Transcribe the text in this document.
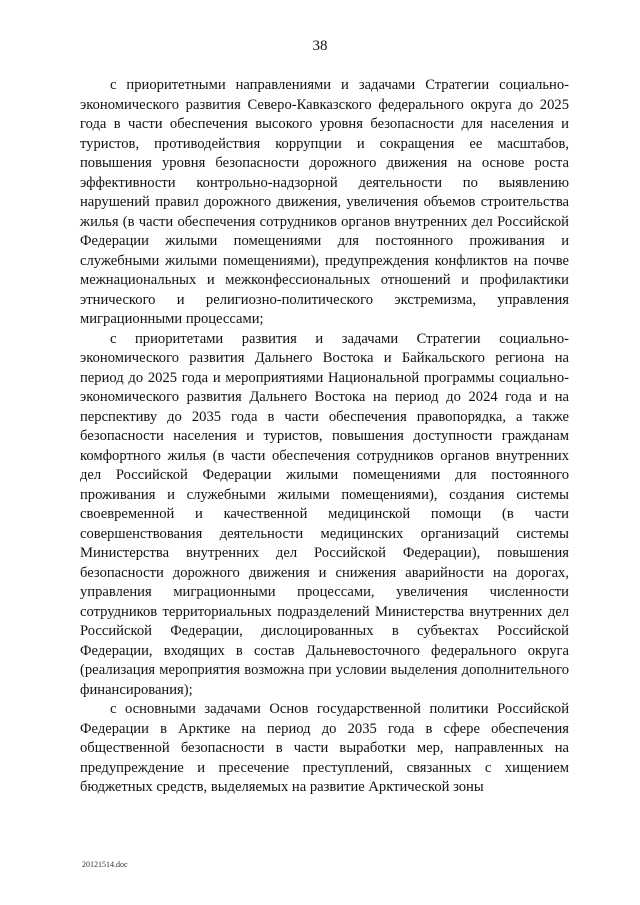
38

с приоритетными направлениями и задачами Стратегии социально-экономического развития Северо-Кавказского федерального округа до 2025 года в части обеспечения высокого уровня безопасности для населения и туристов, противодействия коррупции и сокращения ее масштабов, повышения уровня безопасности дорожного движения на основе роста эффективности контрольно-надзорной деятельности по выявлению нарушений правил дорожного движения, увеличения объемов строительства жилья (в части обеспечения сотрудников органов внутренних дел Российской Федерации жилыми помещениями для постоянного проживания и служебными жилыми помещениями), предупреждения конфликтов на почве межнациональных и межконфессиональных отношений и профилактики этнического и религиозно-политического экстремизма, управления миграционными процессами;

с приоритетами развития и задачами Стратегии социально-экономического развития Дальнего Востока и Байкальского региона на период до 2025 года и мероприятиями Национальной программы социально-экономического развития Дальнего Востока на период до 2024 года и на перспективу до 2035 года в части обеспечения правопорядка, а также безопасности населения и туристов, повышения доступности гражданам комфортного жилья (в части обеспечения сотрудников органов внутренних дел Российской Федерации жилыми помещениями для постоянного проживания и служебными жилыми помещениями), создания системы своевременной и качественной медицинской помощи (в части совершенствования деятельности медицинских организаций системы Министерства внутренних дел Российской Федерации), повышения безопасности дорожного движения и снижения аварийности на дорогах, управления миграционными процессами, увеличения численности сотрудников территориальных подразделений Министерства внутренних дел Российской Федерации, дислоцированных в субъектах Российской Федерации, входящих в состав Дальневосточного федерального округа (реализация мероприятия возможна при условии выделения дополнительного финансирования);

с основными задачами Основ государственной политики Российской Федерации в Арктике на период до 2035 года в сфере обеспечения общественной безопасности в части выработки мер, направленных на предупреждение и пресечение преступлений, связанных с хищением бюджетных средств, выделяемых на развитие Арктической зоны

20121514.doc
